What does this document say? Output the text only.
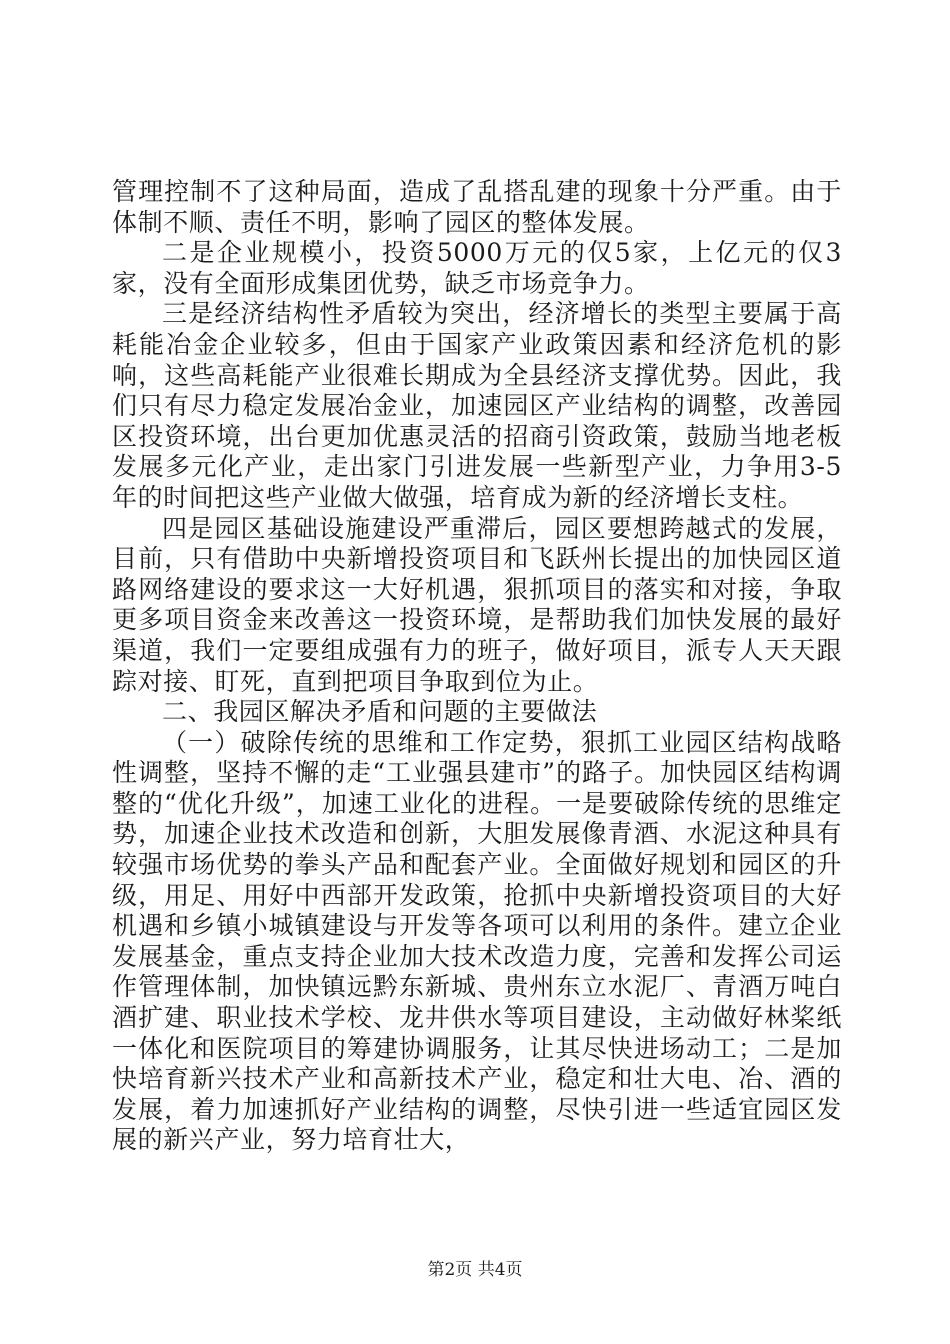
管理控制不了这种局面，造成了乱搭乱建的现象十分严重。由于体制不顺、责任不明，影响了园区的整体发展。

二是企业规模小，投资5000万元的仅5家，上亿元的仅3家，没有全面形成集团优势，缺乏市场竞争力。

三是经济结构性矛盾较为突出，经济增长的类型主要属于高耗能冶金企业较多，但由于国家产业政策因素和经济危机的影响，这些高耗能产业很难长期成为全县经济支撑优势。因此，我们只有尽力稳定发展冶金业，加速园区产业结构的调整，改善园区投资环境，出台更加优惠灵活的招商引资政策，鼓励当地老板发展多元化产业，走出家门引进发展一些新型产业，力争用3-5年的时间把这些产业做大做强，培育成为新的经济增长支柱。

四是园区基础设施建设严重滞后，园区要想跨越式的发展，目前，只有借助中央新增投资项目和飞跃州长提出的加快园区道路网络建设的要求这一大好机遇，狠抓项目的落实和对接，争取更多项目资金来改善这一投资环境，是帮助我们加快发展的最好渠道，我们一定要组成强有力的班子，做好项目，派专人天天跟踪对接、盯死，直到把项目争取到位为止。

二、我园区解决矛盾和问题的主要做法

（一）破除传统的思维和工作定势，狠抓工业园区结构战略性调整，坚持不懈的走“工业强县建市”的路子。加快园区结构调整的“优化升级”，加速工业化的进程。一是要破除传统的思维定势，加速企业技术改造和创新，大胆发展像青酒、水泥这种具有较强市场优势的拳头产品和配套产业。全面做好规划和园区的升级，用足、用好中西部开发政策，抢抓中央新增投资项目的大好机遇和乡镇小城镇建设与开发等各项可以利用的条件。建立企业发展基金，重点支持企业加大技术改造力度，完善和发挥公司运作管理体制，加快镇远黔东新城、贵州东立水泥厂、青酒万吨白酒扩建、职业技术学校、龙井供水等项目建设，主动做好林桨纸一体化和医院项目的筹建协调服务，让其尽快进场动工；二是加快培育新兴技术产业和高新技术产业，稳定和壮大电、冶、酒的发展，着力加速抓好产业结构的调整，尽快引进一些适宜园区发展的新兴产业，努力培育壮大，

第2页 共4页
